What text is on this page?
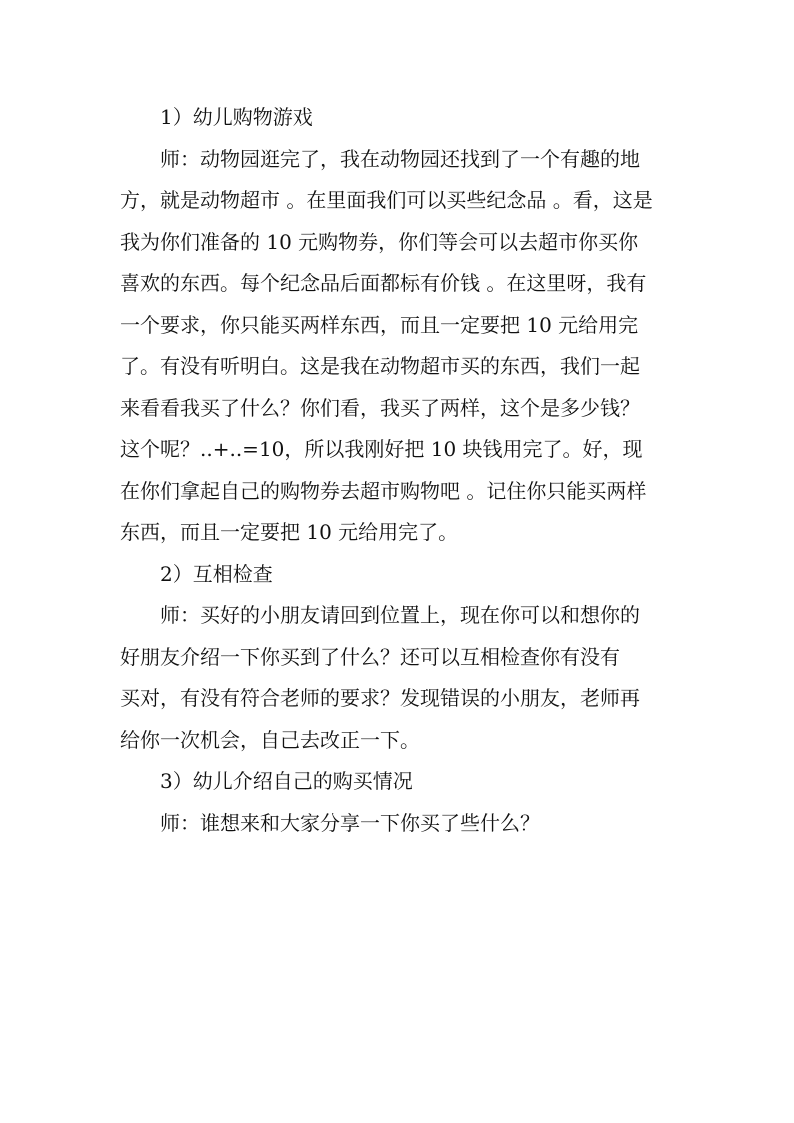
1）幼儿购物游戏

师：动物园逛完了，我在动物园还找到了一个有趣的地
方，就是动物超市 。在里面我们可以买些纪念品 。看，这是
我为你们准备的 10 元购物券，你们等会可以去超市你买你
喜欢的东西。每个纪念品后面都标有价钱 。在这里呀，我有
一个要求，你只能买两样东西，而且一定要把 10 元给用完
了。有没有听明白。这是我在动物超市买的东西，我们一起
来看看我买了什么？你们看，我买了两样，这个是多少钱？
这个呢？..+..=10，所以我刚好把 10 块钱用完了。好，现
在你们拿起自己的购物券去超市购物吧 。记住你只能买两样
东西，而且一定要把 10 元给用完了。

2）互相检查

师：买好的小朋友请回到位置上，现在你可以和想你的
好朋友介绍一下你买到了什么？还可以互相检查你有没有
买对，有没有符合老师的要求？发现错误的小朋友，老师再
给你一次机会，自己去改正一下。

3）幼儿介绍自己的购买情况

师：谁想来和大家分享一下你买了些什么？
